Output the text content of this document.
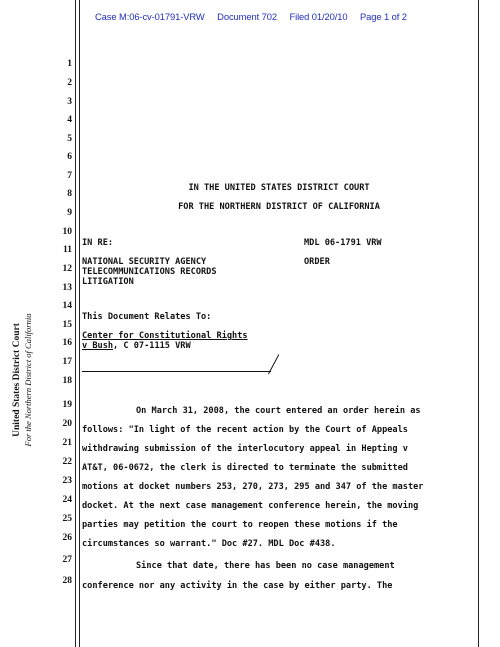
Case M:06-cv-01791-VRW Document 702 Filed 01/20/10 Page 1 of 2
United States District Court For the Northern District of California
1
2
3
4
5
6
7
8
9
10
11
12
13
14
15
16
17
18
19
20
21
22
23
24
25
26
27
28
IN THE UNITED STATES DISTRICT COURT
FOR THE NORTHERN DISTRICT OF CALIFORNIA
IN RE:	MDL 06-1791 VRW
NATIONAL SECURITY AGENCY	ORDER
TELECOMMUNICATIONS RECORDS
LITIGATION
This Document Relates To:
Center for Constitutional Rights
v Bush, C 07-1115 VRW
On March 31, 2008, the court entered an order herein as
follows: "In light of the recent action by the Court of Appeals
withdrawing submission of the interlocutory appeal in Hepting v
AT&T, 06-0672, the clerk is directed to terminate the submitted
motions at docket numbers 253, 270, 273, 295 and 347 of the master
docket. At the next case management conference herein, the moving
parties may petition the court to reopen these motions if the
circumstances so warrant." Doc #27. MDL Doc #438.
Since that date, there has been no case management
conference nor any activity in the case by either party. The
